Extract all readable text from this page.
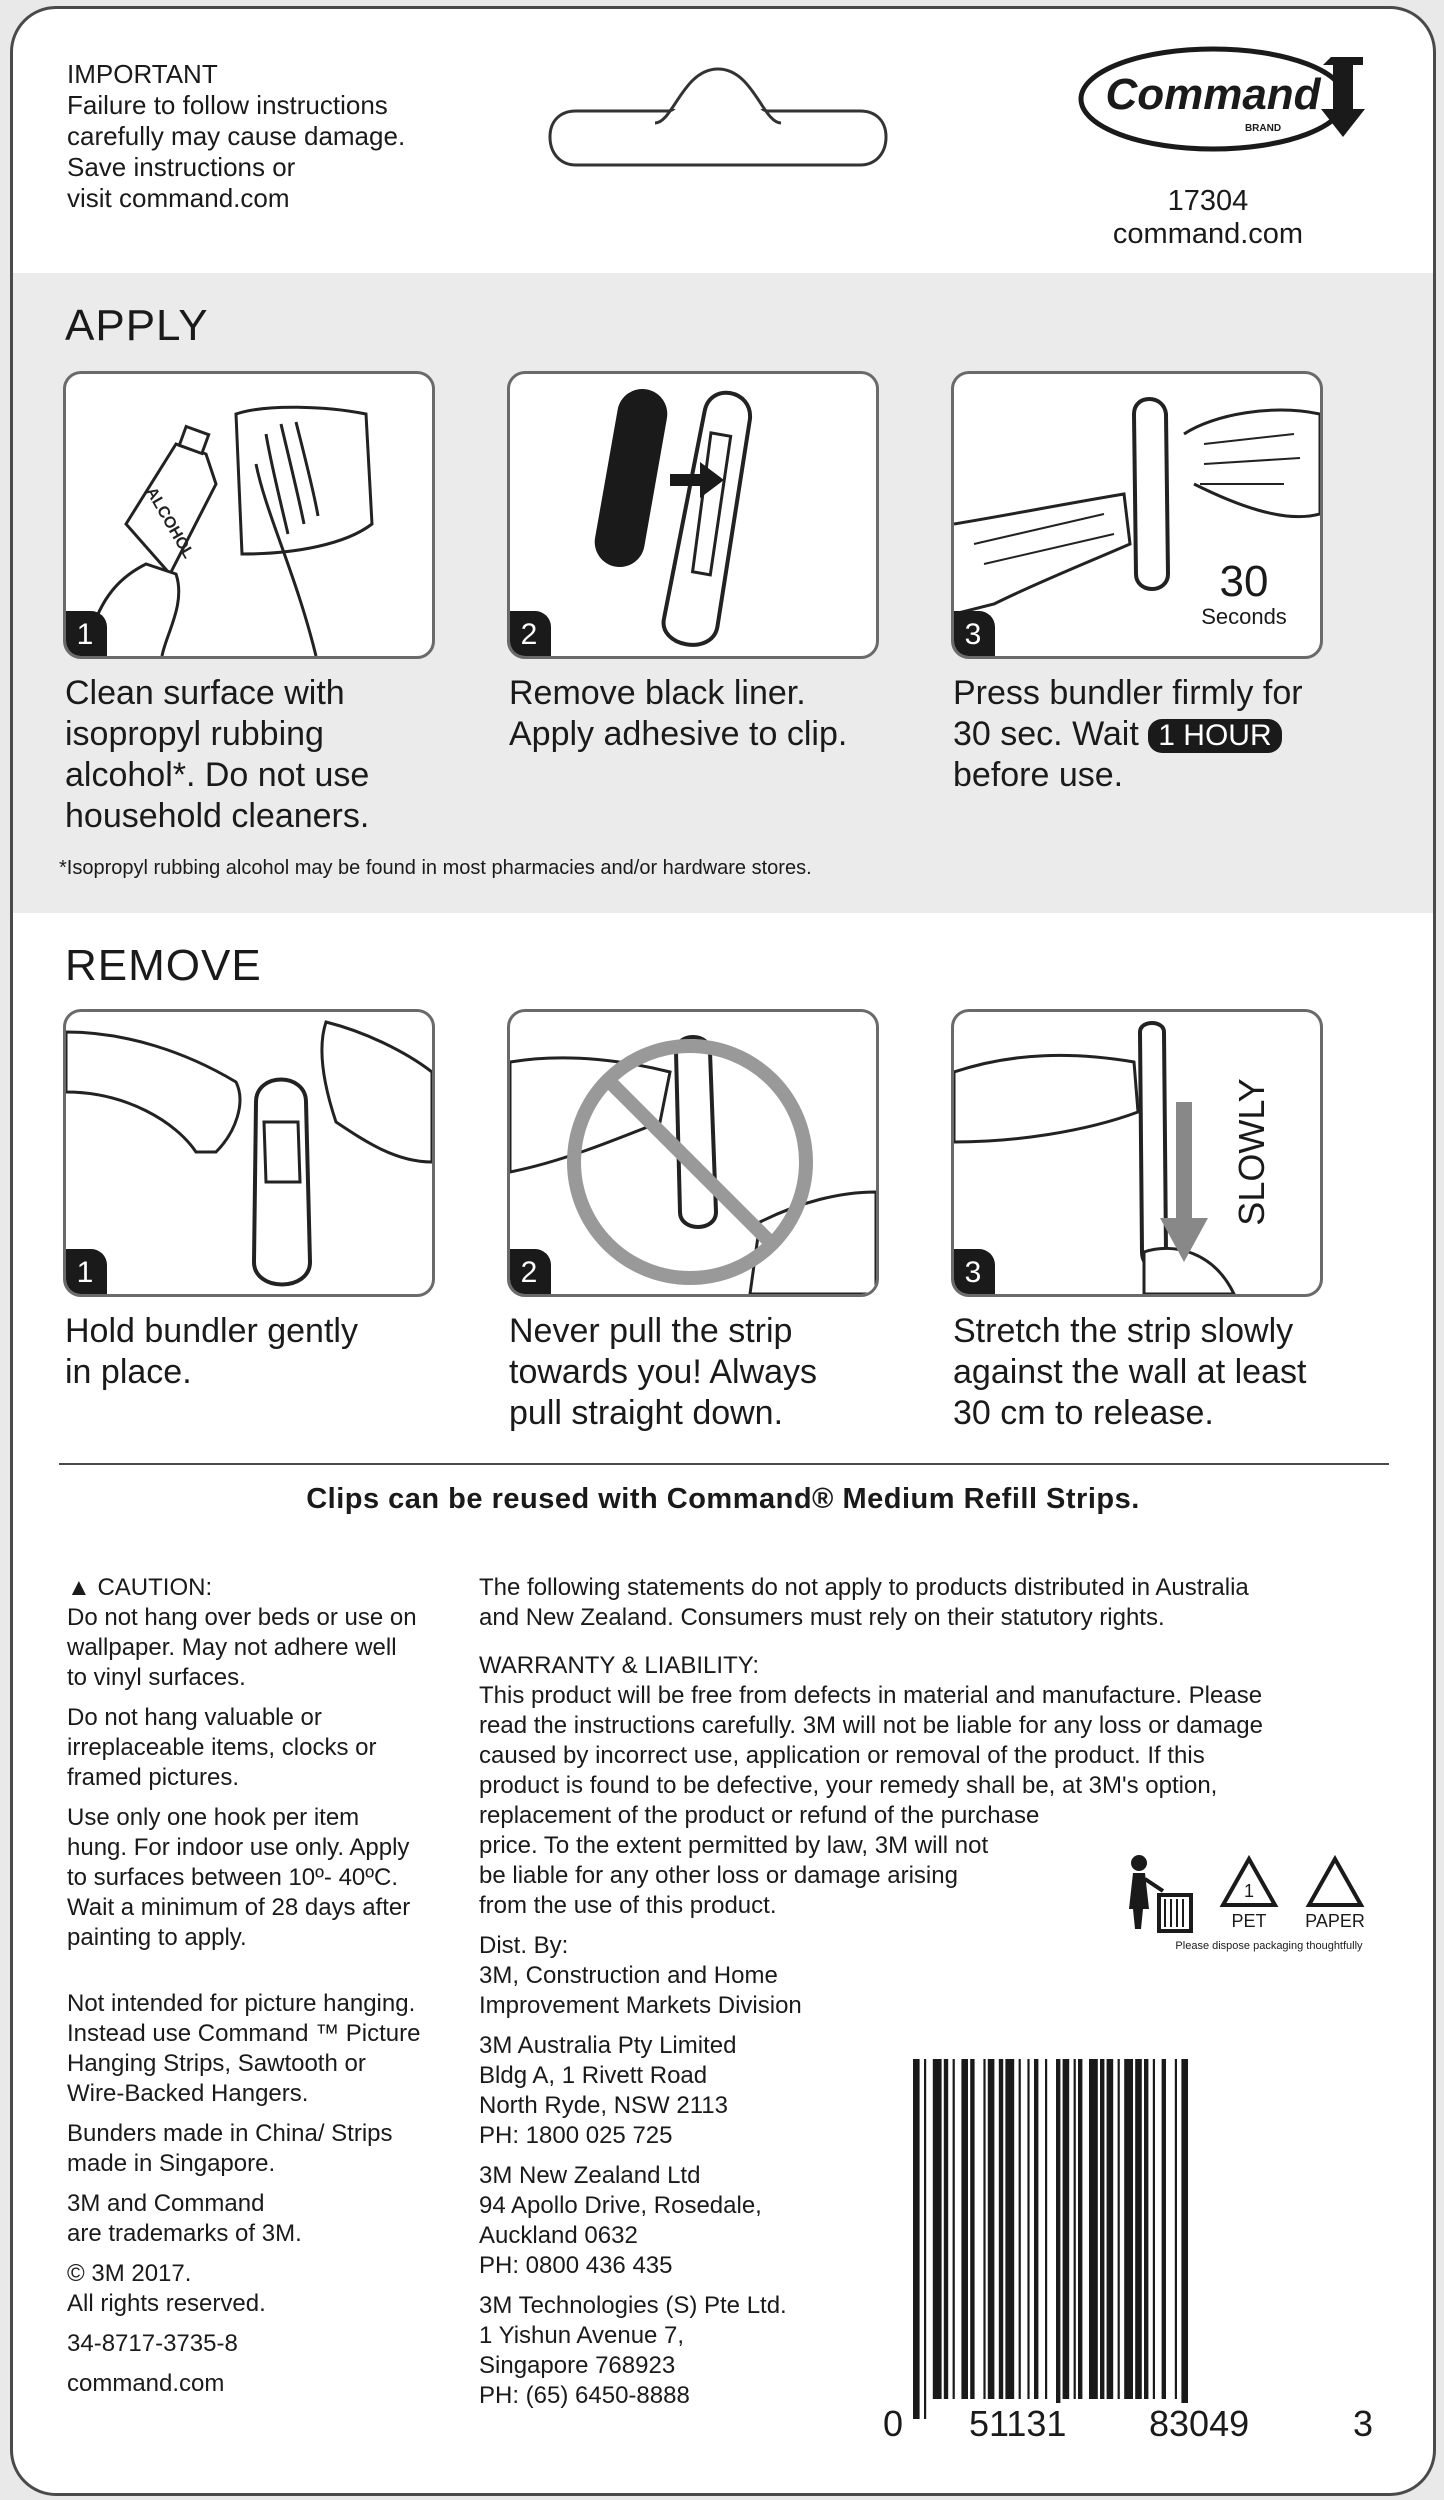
IMPORTANT
Failure to follow instructions
carefully may cause damage.
Save instructions or
visit command.com
Command
BRAND
17304
command.com
APPLY
ALCOHOL
1
Clean surface with
isopropyl rubbing
alcohol*. Do not use
household cleaners.
2
Remove black liner.
Apply adhesive to clip.
30
Seconds
3
Press bundler firmly for
30 sec. Wait 1 HOUR
before use.
*Isopropyl rubbing alcohol may be found in most pharmacies and/or hardware stores.
REMOVE
1
Hold bundler gently
in place.
2
Never pull the strip
towards you! Always
pull straight down.
SLOWLY
3
Stretch the strip slowly
against the wall at least
30 cm to release.
Clips can be reused with Command® Medium Refill Strips.
▲ CAUTION:
Do not hang over beds or use on
wallpaper. May not adhere well
to vinyl surfaces.
Do not hang valuable or
irreplaceable items, clocks or
framed pictures.
Use only one hook per item
hung. For indoor use only. Apply
to surfaces between 10º- 40ºC.
Wait a minimum of 28 days after
painting to apply.
Not intended for picture hanging.
Instead use Command ™ Picture
Hanging Strips, Sawtooth or
Wire-Backed Hangers.
Bunders made in China/ Strips
made in Singapore.
3M and Command
are trademarks of 3M.
© 3M 2017.
All rights reserved.
34-8717-3735-8
command.com
The following statements do not apply to products distributed in Australia
and New Zealand. Consumers must rely on their statutory rights.
WARRANTY & LIABILITY:
This product will be free from defects in material and manufacture. Please
read the instructions carefully. 3M will not be liable for any loss or damage
caused by incorrect use, application or removal of the product. If this
product is found to be defective, your remedy shall be, at 3M's option,
replacement of the product or refund of the purchase
price. To the extent permitted by law, 3M will not
be liable for any other loss or damage arising
from the use of this product.
Dist. By:
3M, Construction and Home
Improvement Markets Division
3M Australia Pty Limited
Bldg A, 1 Rivett Road
North Ryde, NSW 2113
PH: 1800 025 725
3M New Zealand Ltd
94 Apollo Drive, Rosedale,
Auckland 0632
PH: 0800 436 435
3M Technologies (S) Pte Ltd.
1 Yishun Avenue 7,
Singapore 768923
PH: (65) 6450-8888
1
PET PAPER
Please dispose packaging thoughtfully
0 51131 83049	3
